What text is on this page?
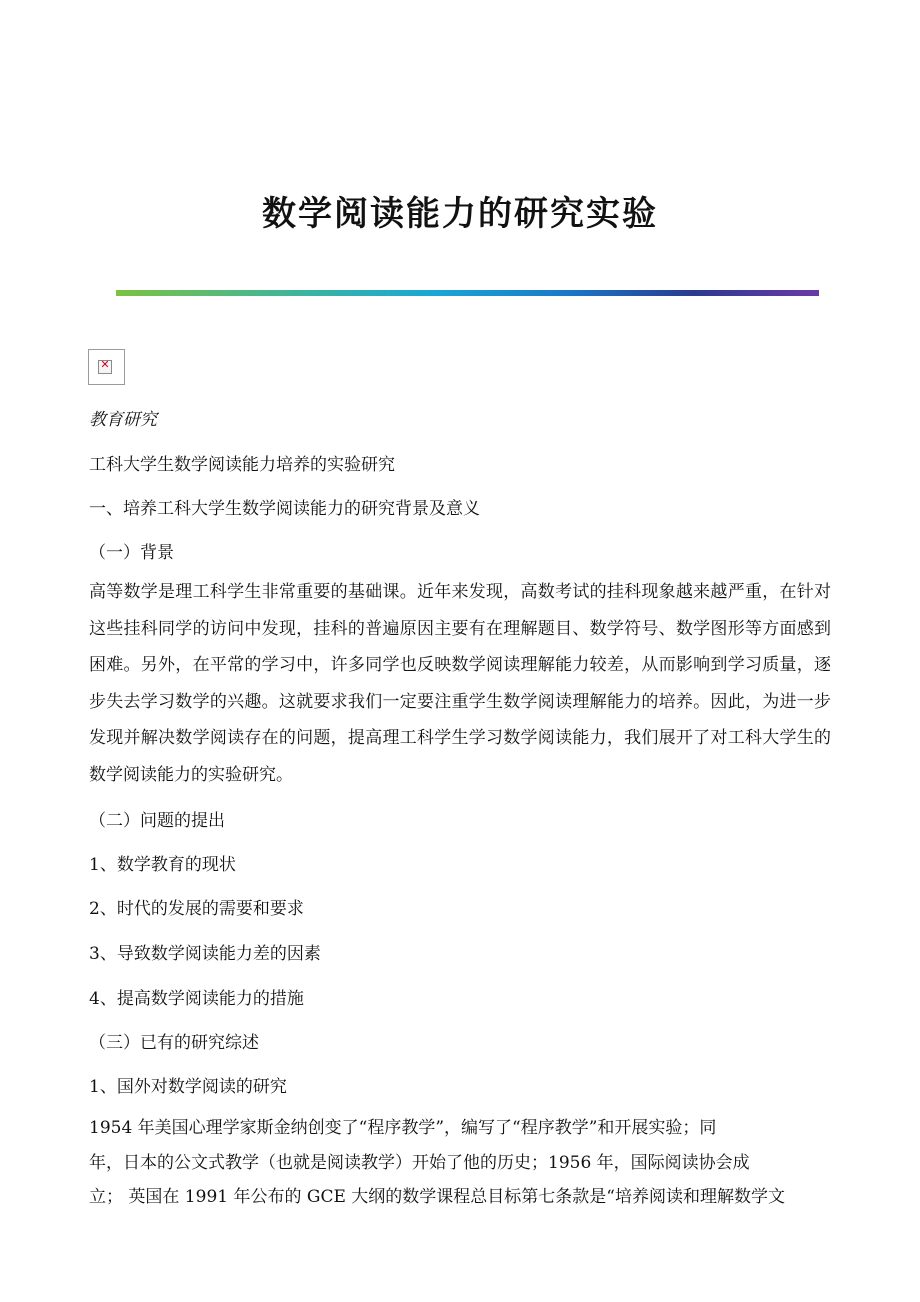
数学阅读能力的研究实验
✕

教育研究

工科大学生数学阅读能力培养的实验研究

一、培养工科大学生数学阅读能力的研究背景及意义

（一）背景

高等数学是理工科学生非常重要的基础课。近年来发现，高数考试的挂科现象越来越严重，在针对这些挂科同学的访问中发现，挂科的普遍原因主要有在理解题目、数学符号、数学图形等方面感到困难。另外，在平常的学习中，许多同学也反映数学阅读理解能力较差，从而影响到学习质量，逐步失去学习数学的兴趣。这就要求我们一定要注重学生数学阅读理解能力的培养。因此，为进一步发现并解决数学阅读存在的问题，提高理工科学生学习数学阅读能力，我们展开了对工科大学生的数学阅读能力的实验研究。

（二）问题的提出

1、数学教育的现状

2、时代的发展的需要和要求

3、导致数学阅读能力差的因素

4、提高数学阅读能力的措施

（三）已有的研究综述

1、国外对数学阅读的研究

1954 年美国心理学家斯金纳创变了“程序教学”，编写了“程序教学”和开展实验；同
年，日本的公文式教学（也就是阅读教学）开始了他的历史；1956 年，国际阅读协会成
立； 英国在 1991 年公布的 GCE 大纲的数学课程总目标第七条款是“培养阅读和理解数学文
